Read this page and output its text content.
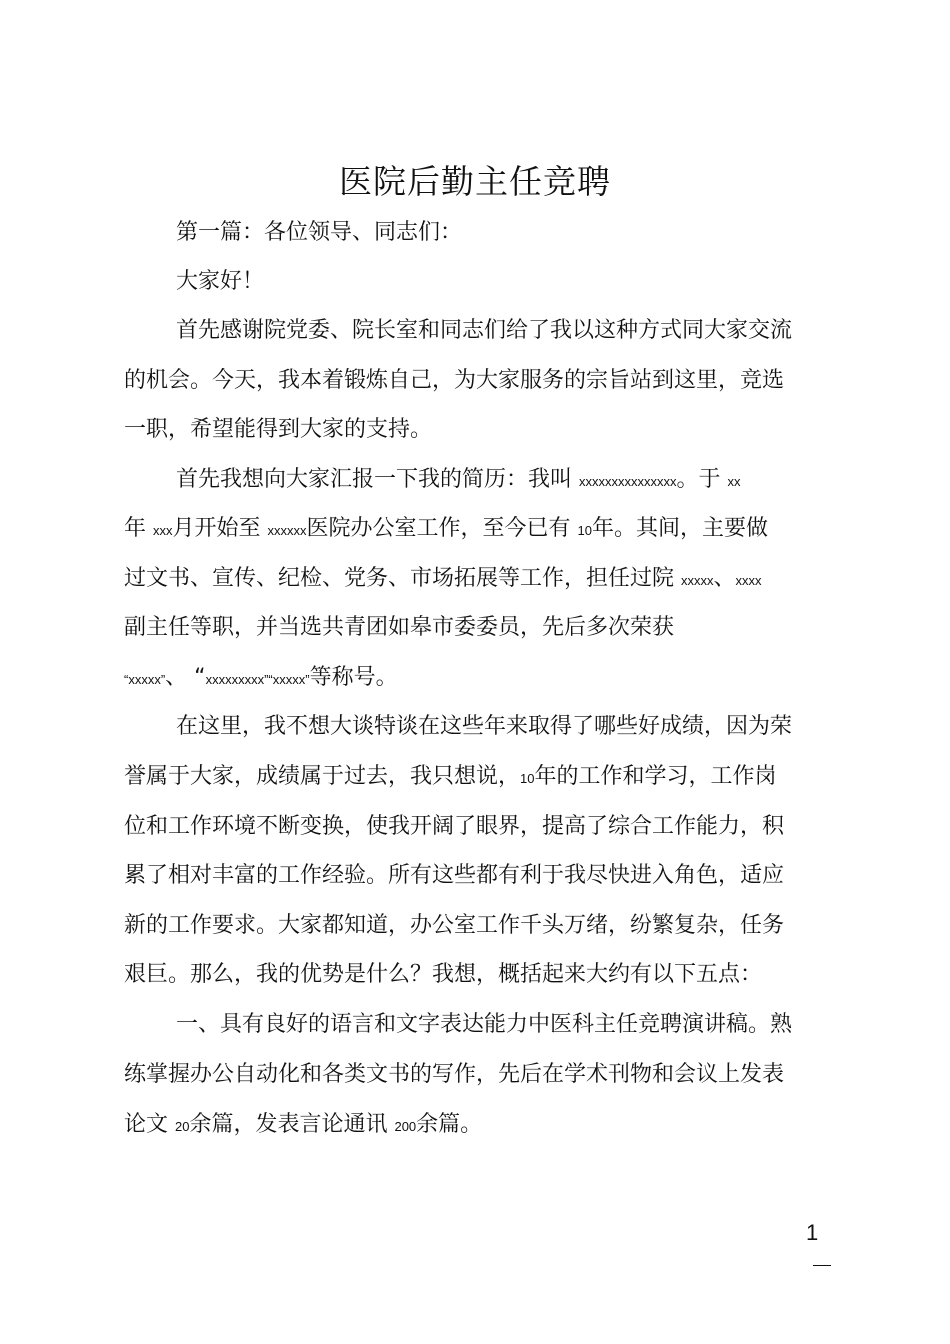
医院后勤主任竞聘
第一篇：各位领导、同志们：
大家好！
首先感谢院党委、院长室和同志们给了我以这种方式同大家交流
的机会。今天，我本着锻炼自己，为大家服务的宗旨站到这里，竞选
一职，希望能得到大家的支持。
首先我想向大家汇报一下我的简历：我叫 xxxxxxxxxxxxxxx。于 xx
年 xxx月开始至 xxxxxx医院办公室工作，至今已有 10年。其间，主要做
过文书、宣传、纪检、党务、市场拓展等工作，担任过院 xxxxx、xxxx
副主任等职，并当选共青团如皋市委委员，先后多次荣获
“xxxxx”、 “xxxxxxxxx”“xxxxx”等称号。
在这里，我不想大谈特谈在这些年来取得了哪些好成绩，因为荣
誉属于大家，成绩属于过去，我只想说，10年的工作和学习，工作岗
位和工作环境不断变换，使我开阔了眼界，提高了综合工作能力，积
累了相对丰富的工作经验。所有这些都有利于我尽快进入角色，适应
新的工作要求。大家都知道，办公室工作千头万绪，纷繁复杂，任务
艰巨。那么，我的优势是什么？我想，概括起来大约有以下五点：
一、具有良好的语言和文字表达能力中医科主任竞聘演讲稿。熟
练掌握办公自动化和各类文书的写作，先后在学术刊物和会议上发表
论文 20余篇，发表言论通讯 200余篇。
1
